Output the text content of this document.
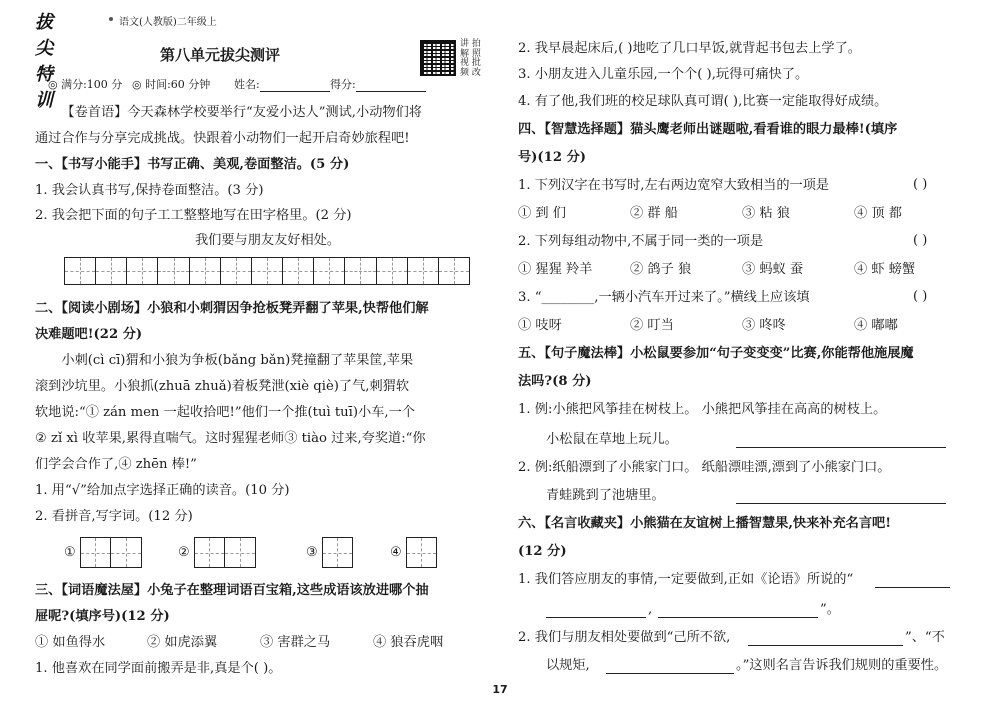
拔尖特训
语文(人教版)二年级上
第八单元拔尖测评
讲 拍 解 照 视 批 频 改
◎ 满分:100 分 ◎ 时间:60 分钟 姓名:	得分:
【卷首语】今天森林学校要举行“友爱小达人”测试,小动物们将
通过合作与分享完成挑战。快跟着小动物们一起开启奇妙旅程吧!
一、【书写小能手】书写正确、美观,卷面整洁。(5 分)
1. 我会认真书写,保持卷面整洁。(3 分)
2. 我会把下面的句子工工整整地写在田字格里。(2 分)
我们要与朋友友好相处。
二、【阅读小剧场】小狼和小刺猬因争抢板凳弄翻了苹果,快帮他们解
决难题吧!(22 分)
小刺(cì cī)猬和小狼为争板(bǎng bǎn)凳撞翻了苹果筐,苹果
滚到沙坑里。小狼抓(zhuā zhuǎ)着板凳泄(xiè qiè)了气,刺猬软
软地说:“① zán men 一起收拾吧!”他们一个推(tuì tuī)小车,一个
② zǐ xì 收苹果,累得直喘气。这时猩猩老师③ tiào 过来,夸奖道:“你
们学会合作了,④ zhēn 棒!”
1. 用“√”给加点字选择正确的读音。(10 分)
2. 看拼音,写字词。(12 分)
①	②	③	④
三、【词语魔法屋】小兔子在整理词语百宝箱,这些成语该放进哪个抽
屉呢?(填序号)(12 分)
① 如鱼得水	② 如虎添翼	③ 害群之马	④ 狼吞虎咽
1. 他喜欢在同学面前搬弄是非,真是个( )。
2. 我早晨起床后,( )地吃了几口早饭,就背起书包去上学了。
3. 小朋友进入儿童乐园,一个个( ),玩得可痛快了。
4. 有了他,我们班的校足球队真可谓( ),比赛一定能取得好成绩。
四、【智慧选择题】猫头鹰老师出谜题啦,看看谁的眼力最棒!(填序
号)(12 分)
1. 下列汉字在书写时,左右两边宽窄大致相当的一项是	( )
① 到 们	② 群 船	③ 粘 狼	④ 顶 都
2. 下列每组动物中,不属于同一类的一项是	( )
① 猩猩 羚羊	② 鸽子 狼	③ 蚂蚁 蚕	④ 虾 螃蟹
3. “________,一辆小汽车开过来了。”横线上应该填	( )
① 吱呀	② 叮当	③ 咚咚	④ 嘟嘟
五、【句子魔法棒】小松鼠要参加“句子变变变”比赛,你能帮他施展魔
法吗?(8 分)
1. 例:小熊把风筝挂在树枝上。 小熊把风筝挂在高高的树枝上。
小松鼠在草地上玩儿。
2. 例:纸船漂到了小熊家门口。 纸船漂哇漂,漂到了小熊家门口。
青蛙跳到了池塘里。
六、【名言收藏夹】小熊猫在友谊树上播智慧果,快来补充名言吧!
(12 分)
1. 我们答应朋友的事情,一定要做到,正如《论语》所说的“
,	”。
2. 我们与朋友相处要做到“己所不欲,	”、“不
以规矩,	。”这则名言告诉我们规则的重要性。
17
